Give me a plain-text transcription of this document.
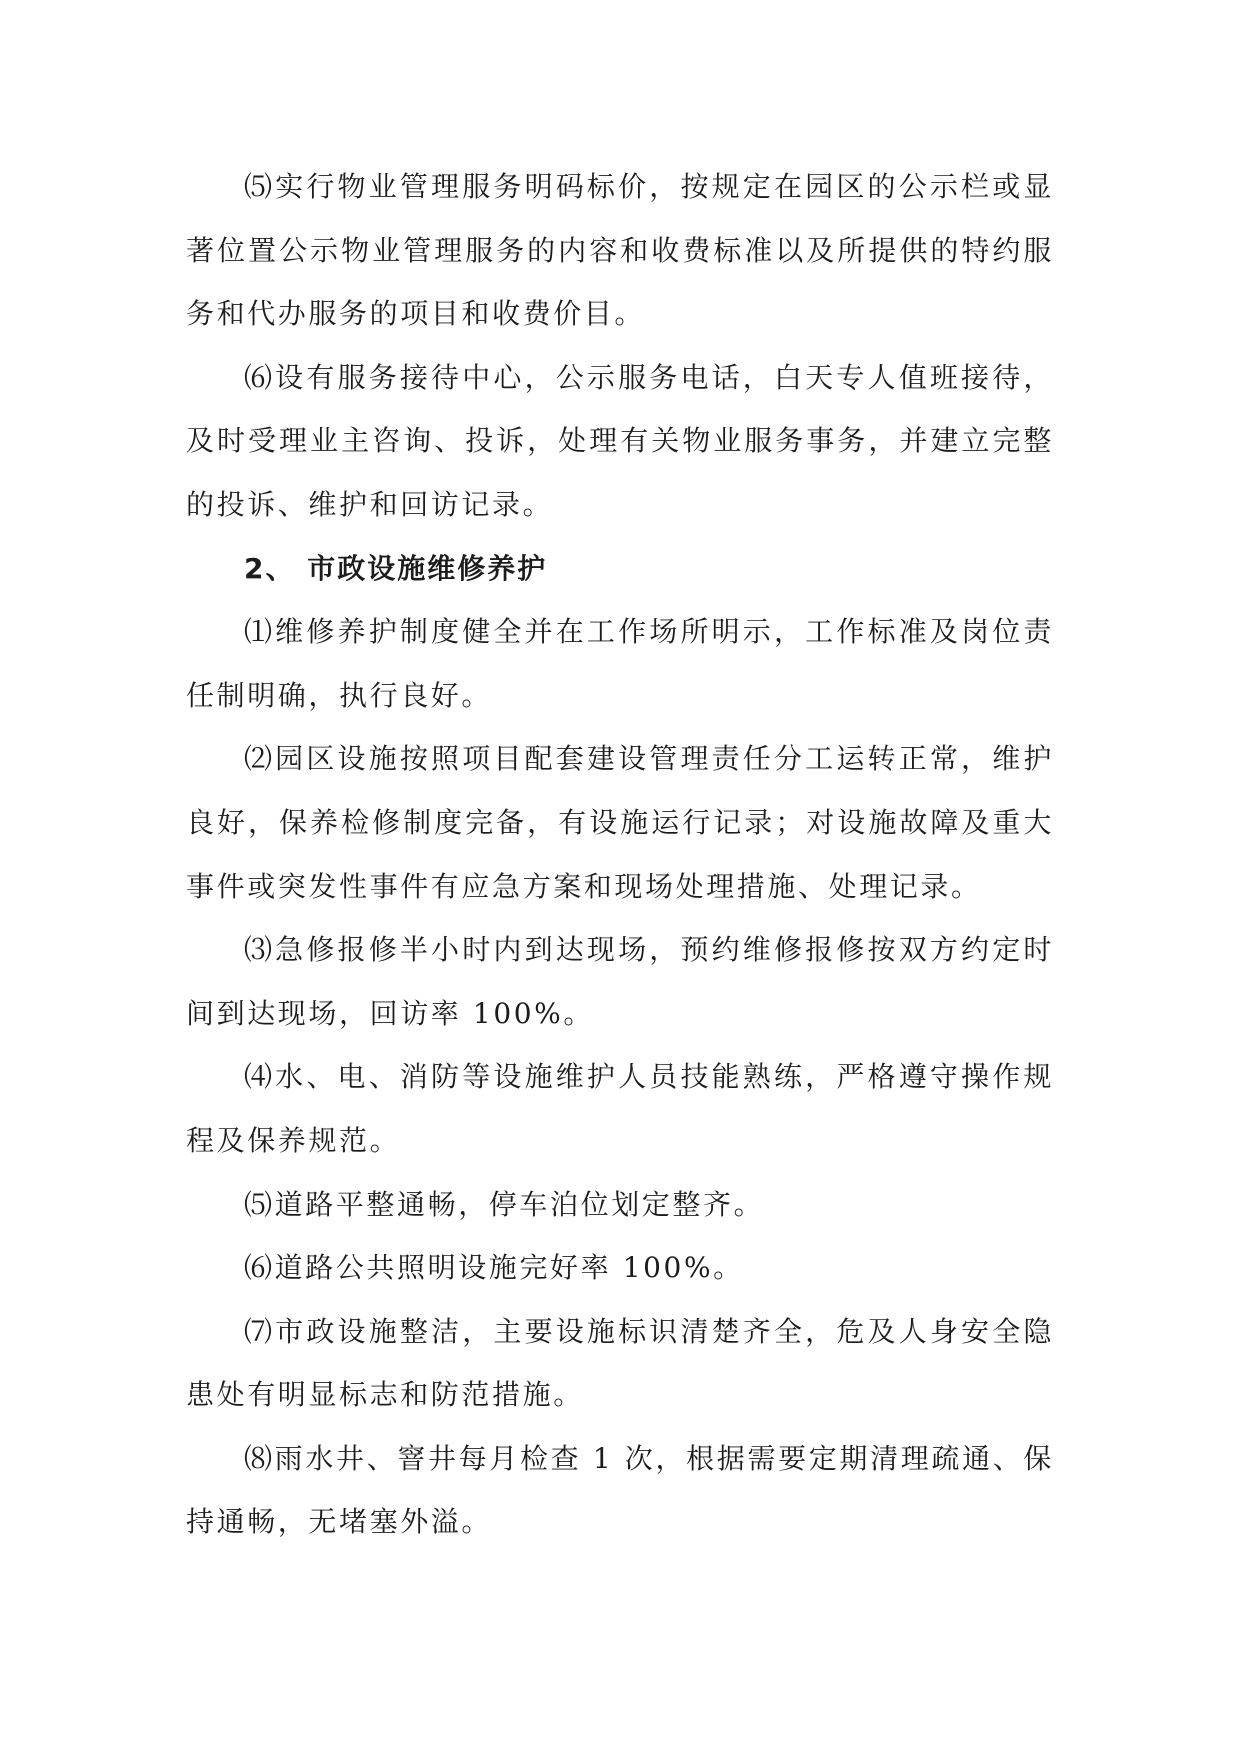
⑸实行物业管理服务明码标价，按规定在园区的公示栏或显著位置公示物业管理服务的内容和收费标准以及所提供的特约服务和代办服务的项目和收费价目。

⑹设有服务接待中心，公示服务电话，白天专人值班接待，及时受理业主咨询、投诉，处理有关物业服务事务，并建立完整的投诉、维护和回访记录。

2、 市政设施维修养护

⑴维修养护制度健全并在工作场所明示，工作标准及岗位责任制明确，执行良好。

⑵园区设施按照项目配套建设管理责任分工运转正常，维护良好，保养检修制度完备，有设施运行记录；对设施故障及重大事件或突发性事件有应急方案和现场处理措施、处理记录。

⑶急修报修半小时内到达现场，预约维修报修按双方约定时间到达现场，回访率 100%。

⑷水、电、消防等设施维护人员技能熟练，严格遵守操作规程及保养规范。

⑸道路平整通畅，停车泊位划定整齐。

⑹道路公共照明设施完好率 100%。

⑺市政设施整洁，主要设施标识清楚齐全，危及人身安全隐患处有明显标志和防范措施。

⑻雨水井、窨井每月检查 1 次，根据需要定期清理疏通、保持通畅，无堵塞外溢。
